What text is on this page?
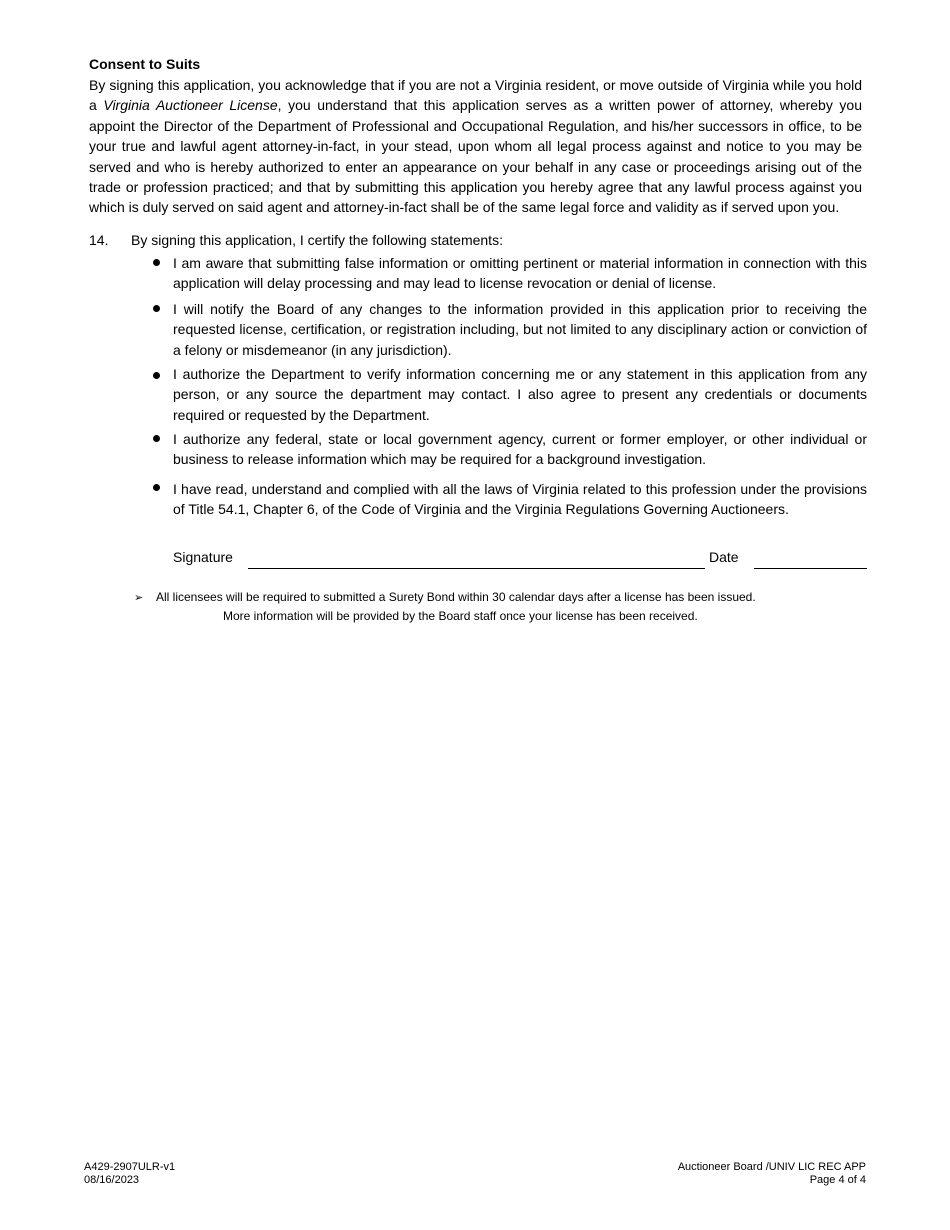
Consent to Suits
By signing this application, you acknowledge that if you are not a Virginia resident, or move outside of Virginia while you hold a Virginia Auctioneer License, you understand that this application serves as a written power of attorney, whereby you appoint the Director of the Department of Professional and Occupational Regulation, and his/her successors in office, to be your true and lawful agent attorney-in-fact, in your stead, upon whom all legal process against and notice to you may be served and who is hereby authorized to enter an appearance on your behalf in any case or proceedings arising out of the trade or profession practiced; and that by submitting this application you hereby agree that any lawful process against you which is duly served on said agent and attorney-in-fact shall be of the same legal force and validity as if served upon you.
14. By signing this application, I certify the following statements:
I am aware that submitting false information or omitting pertinent or material information in connection with this application will delay processing and may lead to license revocation or denial of license.
I will notify the Board of any changes to the information provided in this application prior to receiving the requested license, certification, or registration including, but not limited to any disciplinary action or conviction of a felony or misdemeanor (in any jurisdiction).
I authorize the Department to verify information concerning me or any statement in this application from any person, or any source the department may contact. I also agree to present any credentials or documents required or requested by the Department.
I authorize any federal, state or local government agency, current or former employer, or other individual or business to release information which may be required for a background investigation.
I have read, understand and complied with all the laws of Virginia related to this profession under the provisions of Title 54.1, Chapter 6, of the Code of Virginia and the Virginia Regulations Governing Auctioneers.
Signature	Date
➢ All licensees will be required to submitted a Surety Bond within 30 calendar days after a license has been issued.
More information will be provided by the Board staff once your license has been received.
A429-2907ULR-v1
08/16/2023
Auctioneer Board /UNIV LIC REC APP
Page 4 of 4
